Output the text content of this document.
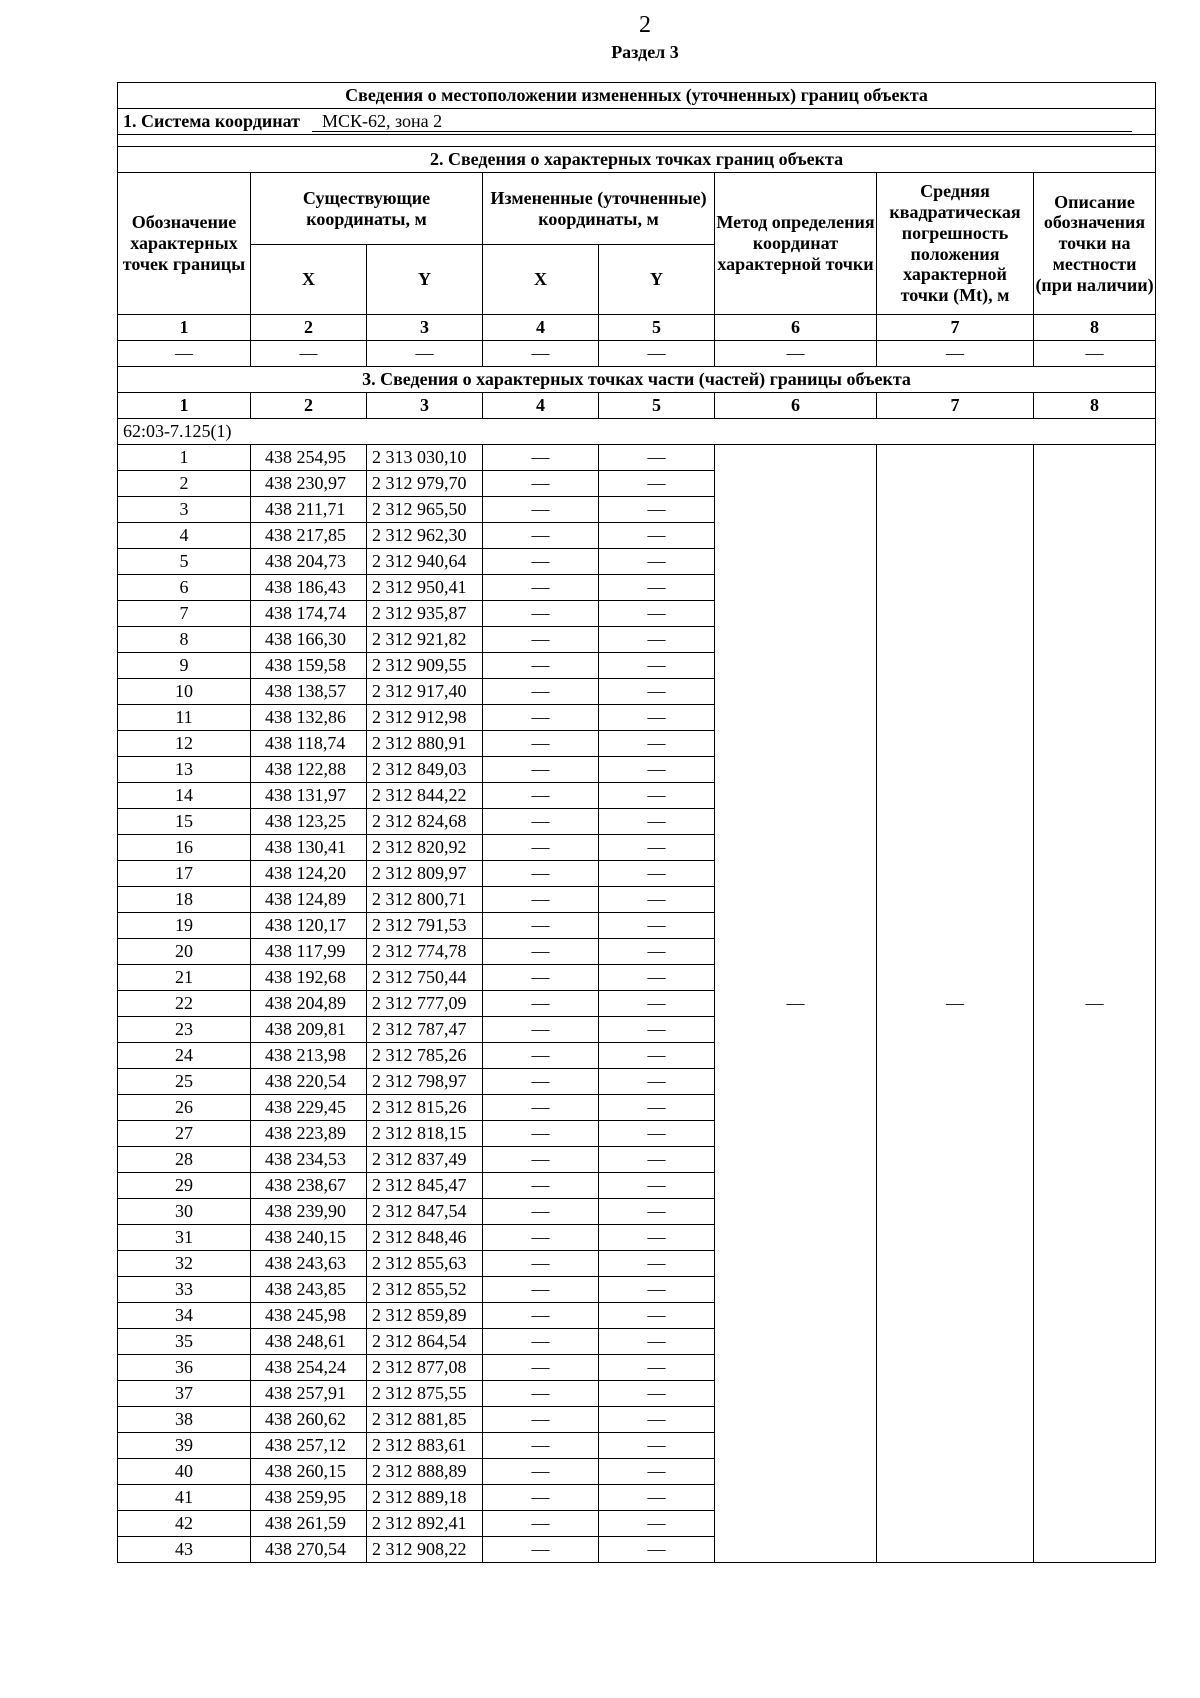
2
Раздел 3
Сведения о местоположении измененных (уточненных) границ объекта							
1. Система координат МСК-62, зона 2							

2. Сведения о характерных точках границ объекта							
Обозначение характерных точек границы	Существующие координаты, м		Измененные (уточненные) координаты, м		Метод определения координат характерной точки	Средняя квадратическая погрешность положения характерной точки (Mt), м	Описание обозначения точки на местности (при наличии)
	X	Y	X	Y			
1	2	3	4	5	6	7	8
—	—	—	—	—	—	—	—
3. Сведения о характерных точках части (частей) границы объекта							
1	2	3	4	5	6	7	8
62:03-7.125(1)							
1	438 254,95	2 313 030,10	—	—	—	—	—
2	438 230,97	2 312 979,70	—	—			
3	438 211,71	2 312 965,50	—	—			
4	438 217,85	2 312 962,30	—	—			
5	438 204,73	2 312 940,64	—	—			
6	438 186,43	2 312 950,41	—	—			
7	438 174,74	2 312 935,87	—	—			
8	438 166,30	2 312 921,82	—	—			
9	438 159,58	2 312 909,55	—	—			
10	438 138,57	2 312 917,40	—	—			
11	438 132,86	2 312 912,98	—	—			
12	438 118,74	2 312 880,91	—	—			
13	438 122,88	2 312 849,03	—	—			
14	438 131,97	2 312 844,22	—	—			
15	438 123,25	2 312 824,68	—	—			
16	438 130,41	2 312 820,92	—	—			
17	438 124,20	2 312 809,97	—	—			
18	438 124,89	2 312 800,71	—	—			
19	438 120,17	2 312 791,53	—	—			
20	438 117,99	2 312 774,78	—	—			
21	438 192,68	2 312 750,44	—	—			
22	438 204,89	2 312 777,09	—	—			
23	438 209,81	2 312 787,47	—	—			
24	438 213,98	2 312 785,26	—	—			
25	438 220,54	2 312 798,97	—	—			
26	438 229,45	2 312 815,26	—	—			
27	438 223,89	2 312 818,15	—	—			
28	438 234,53	2 312 837,49	—	—			
29	438 238,67	2 312 845,47	—	—			
30	438 239,90	2 312 847,54	—	—			
31	438 240,15	2 312 848,46	—	—			
32	438 243,63	2 312 855,63	—	—			
33	438 243,85	2 312 855,52	—	—			
34	438 245,98	2 312 859,89	—	—			
35	438 248,61	2 312 864,54	—	—			
36	438 254,24	2 312 877,08	—	—			
37	438 257,91	2 312 875,55	—	—			
38	438 260,62	2 312 881,85	—	—			
39	438 257,12	2 312 883,61	—	—			
40	438 260,15	2 312 888,89	—	—			
41	438 259,95	2 312 889,18	—	—			
42	438 261,59	2 312 892,41	—	—			
43	438 270,54	2 312 908,22	—	—			
